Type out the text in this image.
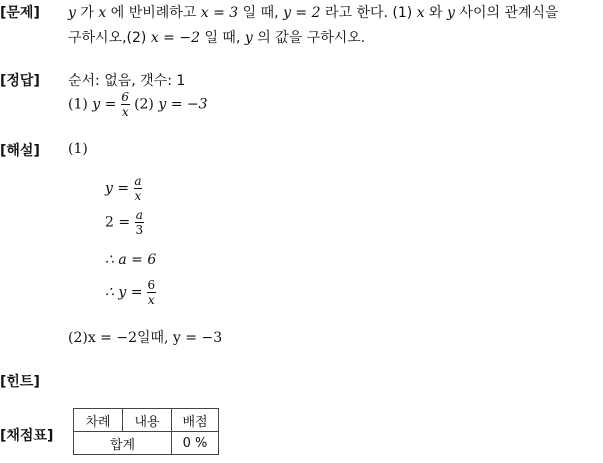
[문제]
[정답]
[해설]
[힌트]
[채점표]
y 가 x 에 반비례하고 x = 3 일 때, y = 2 라고 한다. (1) x 와 y 사이의 관계식을
구하시오,(2) x = −2 일 때, y 의 값을 구하시오.
순서: 없음, 갯수: 1
(1) $y = \frac{6}{x} (2) y = -3$
(1)
$y = \frac{a}{x}$
$2 = \frac{a}{3}$
∴ a = 6
∴ $y = \frac{6}{x}$
(2)x = −2일때, y = −3
차례	내용	배점
합계		0 %
